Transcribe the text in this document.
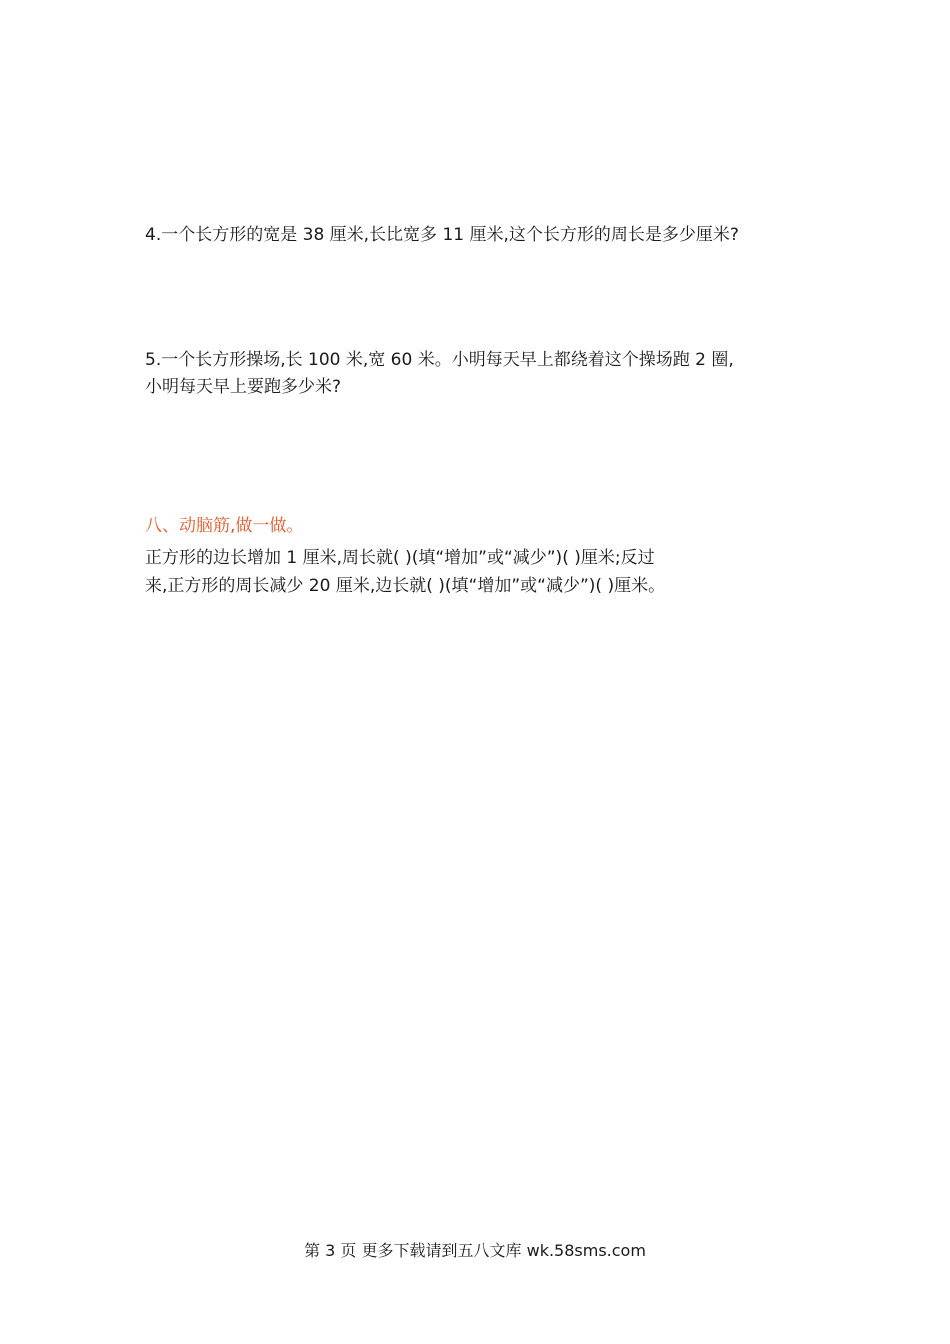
4.一个长方形的宽是 38 厘米,长比宽多 11 厘米,这个长方形的周长是多少厘米?
5.一个长方形操场,长 100 米,宽 60 米。小明每天早上都绕着这个操场跑 2 圈,
小明每天早上要跑多少米?
八、动脑筋,做一做。
正方形的边长增加 1 厘米,周长就( )(填“增加”或“减少”)( )厘米;反过
来,正方形的周长减少 20 厘米,边长就( )(填“增加”或“减少”)( )厘米。
第 3 页 更多下载请到五八文库 wk.58sms.com
